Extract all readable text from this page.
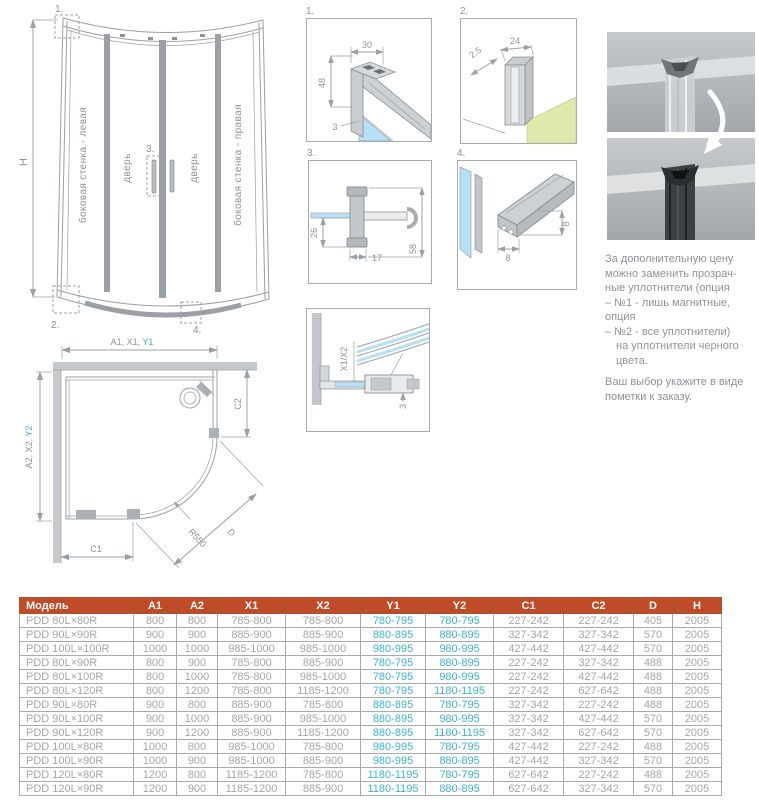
H	боковая стенка - левая	дверь	дверь	боковая стенка - правая
1.
2.
3.
4.
A1, X1, Y1
A2, X2, Y2
C2
C1
D
R550
1.
30
48
3
2.
24
2.5
3.
26
17
58
4.
8
8
X1/X2
3
За дополнительную цену
можно заменить прозрач-
ные уплотнители (опция
– №1 - лишь магнитные,
опция
– №2 - все уплотнители)
на уплотнители черного
цвета.
Ваш выбор укажите в виде
пометки к заказу.
Модель	A1	A2	X1	X2	Y1	Y2	C1	C2	D	H
PDD 80L×80R	800	800	785-800	785-800	780-795	780-795	227-242	227-242	405	2005
PDD 90L×90R	900	900	885-900	885-900	880-895	880-895	327-342	327-342	570	2005
PDD 100L×100R	1000	1000	985-1000	985-1000	980-995	980-995	427-442	427-442	570	2005
PDD 80L×90R	800	900	785-800	885-900	780-795	880-895	227-242	327-342	488	2005
PDD 80L×100R	800	1000	785-800	985-1000	780-795	980-995	227-242	427-442	488	2005
PDD 80L×120R	800	1200	785-800	1185-1200	780-795	1180-1195	227-242	627-642	488	2005
PDD 90L×80R	900	800	885-900	785-800	880-895	780-795	327-342	227-242	488	2005
PDD 90L×100R	900	1000	885-900	985-1000	880-895	980-995	327-342	427-442	570	2005
PDD 90L×120R	900	1200	885-900	1185-1200	880-895	1180-1195	327-342	627-642	570	2005
PDD 100L×80R	1000	800	985-1000	785-800	980-995	780-795	427-442	227-242	488	2005
PDD 100L×90R	1000	900	985-1000	885-900	980-995	880-895	427-442	327-342	570	2005
PDD 120L×80R	1200	800	1185-1200	785-800	1180-1195	780-795	627-642	227-242	488	2005
PDD 120L×90R	1200	900	1185-1200	885-900	1180-1195	880-895	627-642	327-342	570	2005
